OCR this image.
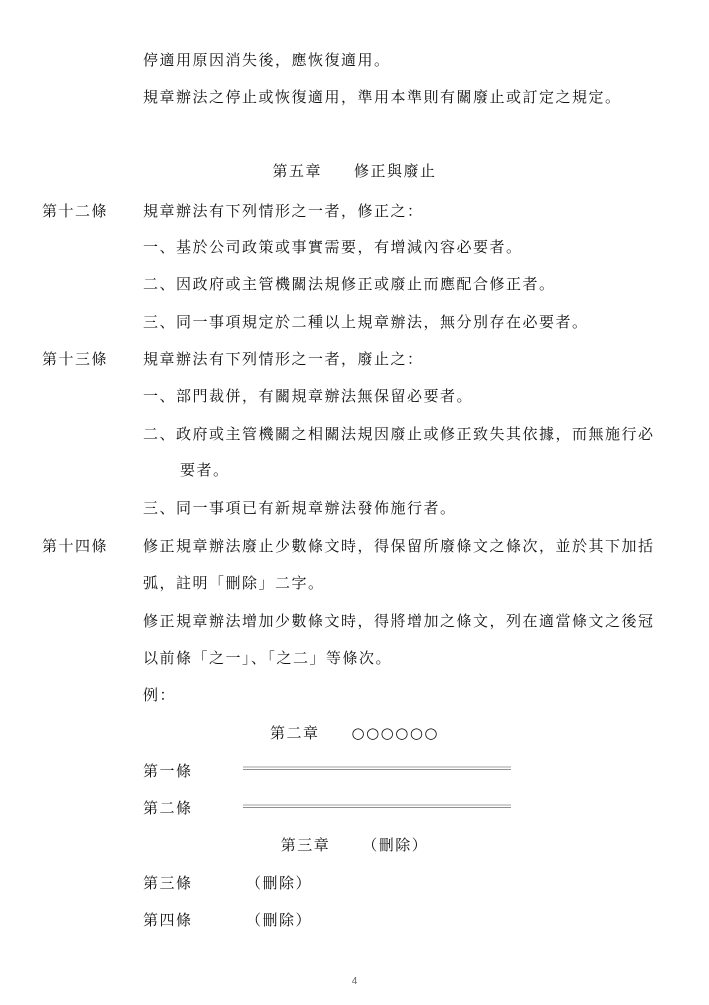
停適用原因消失後，應恢復適用。
規章辦法之停止或恢復適用，準用本準則有關廢止或訂定之規定。
第五章 修正與廢止
第十二條 規章辦法有下列情形之一者，修正之：
一、基於公司政策或事實需要，有增減內容必要者。
二、因政府或主管機關法規修正或廢止而應配合修正者。
三、同一事項規定於二種以上規章辦法，無分別存在必要者。
第十三條 規章辦法有下列情形之一者，廢止之：
一、部門裁併，有關規章辦法無保留必要者。
二、政府或主管機關之相關法規因廢止或修正致失其依據，而無施行必
要者。
三、同一事項已有新規章辦法發佈施行者。
第十四條 修正規章辦法廢止少數條文時，得保留所廢條文之條次，並於其下加括
弧，註明「刪除」二字。
修正規章辦法增加少數條文時，得將增加之條文，列在適當條文之後冠
以前條「之一」、「之二」等條次。
例：
第二章 ○○○○○○
第一條
第二條
第三章 （刪除）
第三條	（刪除）
第四條	（刪除）
4
